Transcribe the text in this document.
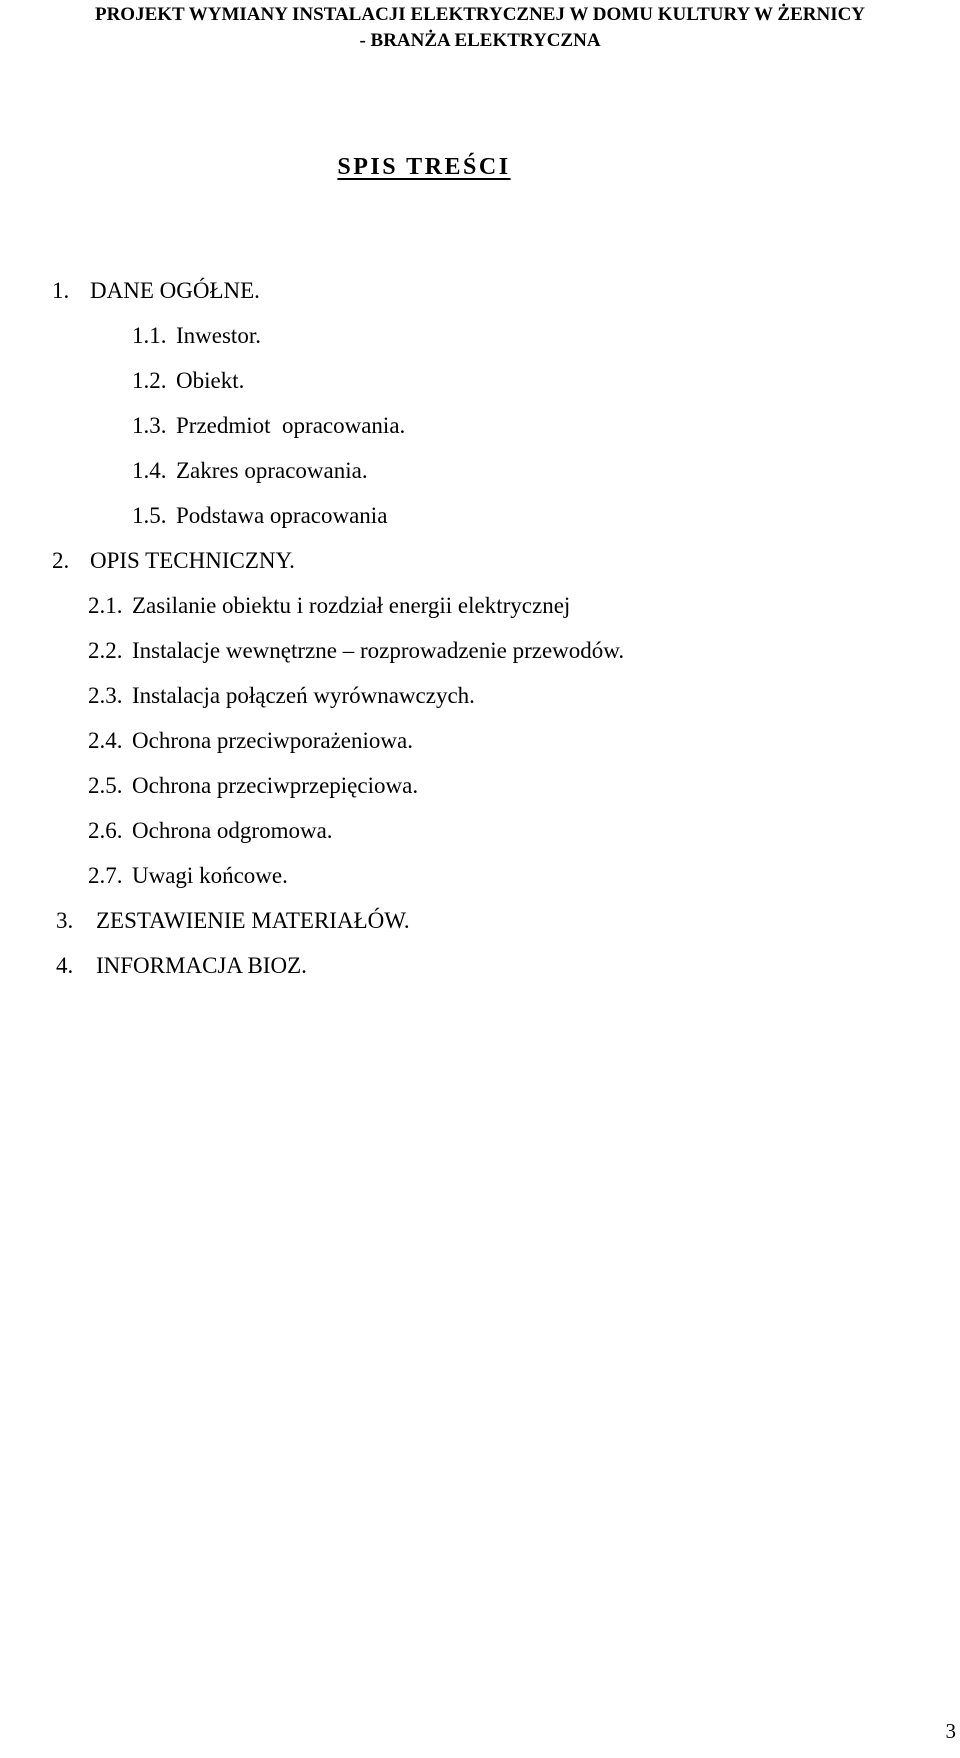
PROJEKT WYMIANY INSTALACJI ELEKTRYCZNEJ W DOMU KULTURY W ŻERNICY
- BRANŻA ELEKTRYCZNA
SPIS TREŚCI
1. DANE OGÓŁNE.
1.1. Inwestor.
1.2. Obiekt.
1.3. Przedmiot  opracowania.
1.4. Zakres opracowania.
1.5. Podstawa opracowania
2. OPIS TECHNICZNY.
2.1. Zasilanie obiektu i rozdział energii elektrycznej
2.2. Instalacje wewnętrzne – rozprowadzenie przewodów.
2.3. Instalacja połączeń wyrównawczych.
2.4. Ochrona przeciwporażeniowa.
2.5. Ochrona przeciwprzepięciowa.
2.6. Ochrona odgromowa.
2.7. Uwagi końcowe.
3. ZESTAWIENIE MATERIAŁÓW.
4. INFORMACJA BIOZ.
3
